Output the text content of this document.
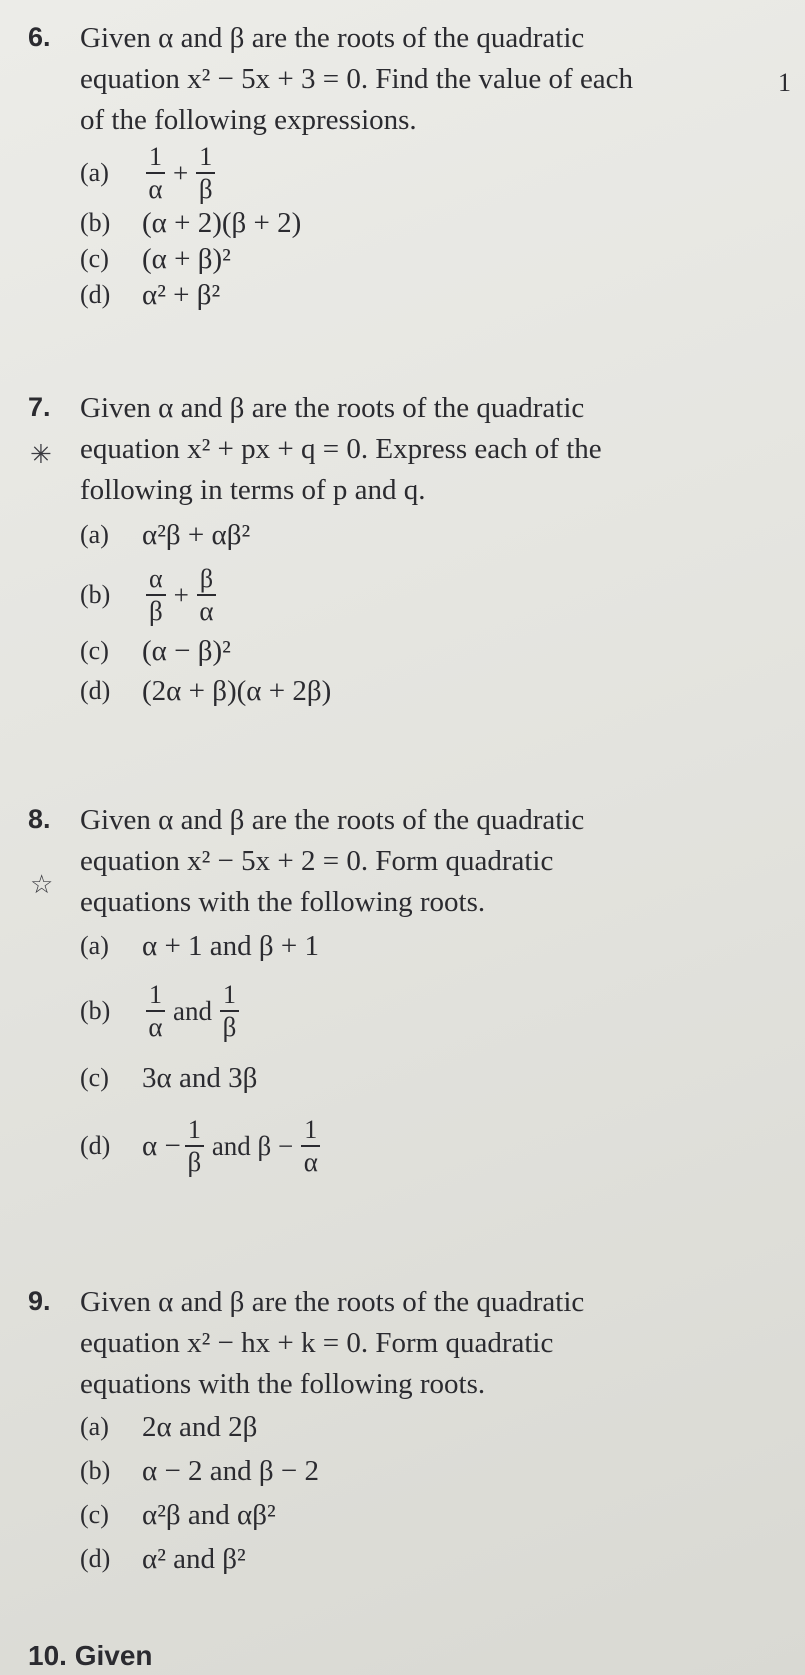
1
6.	Given α and β are the roots of the quadratic
equation x² − 5x + 3 = 0. Find the value of each
of the following expressions.
(a)	$\frac{1}{\alpha} + \frac{1}{\beta}$
(b)	(α + 2)(β + 2)
(c)	(α + β)²
(d)	α² + β²
✳
7.	Given α and β are the roots of the quadratic
equation x² + px + q = 0. Express each of the
following in terms of p and q.
(a)	α²β + αβ²
(b)	$\frac{\alpha}{\beta} + \frac{\beta}{\alpha}$
(c)	(α − β)²
(d)	(2α + β)(α + 2β)
☆
8.	Given α and β are the roots of the quadratic
equation x² − 5x + 2 = 0. Form quadratic
equations with the following roots.
(a)	α + 1 and β + 1
(b)	$\frac{1}{\alpha}$ and $\frac{1}{\beta}$
(c)	3α and 3β
(d)	$\alpha - \frac{1}{\beta}$ and $\beta - \frac{1}{\alpha}$
9.	Given α and β are the roots of the quadratic
equation x² − hx + k = 0. Form quadratic
equations with the following roots.
(a)	2α and 2β
(b)	α − 2 and β − 2
(c)	α²β and αβ²
(d)	α² and β²
10. Given
